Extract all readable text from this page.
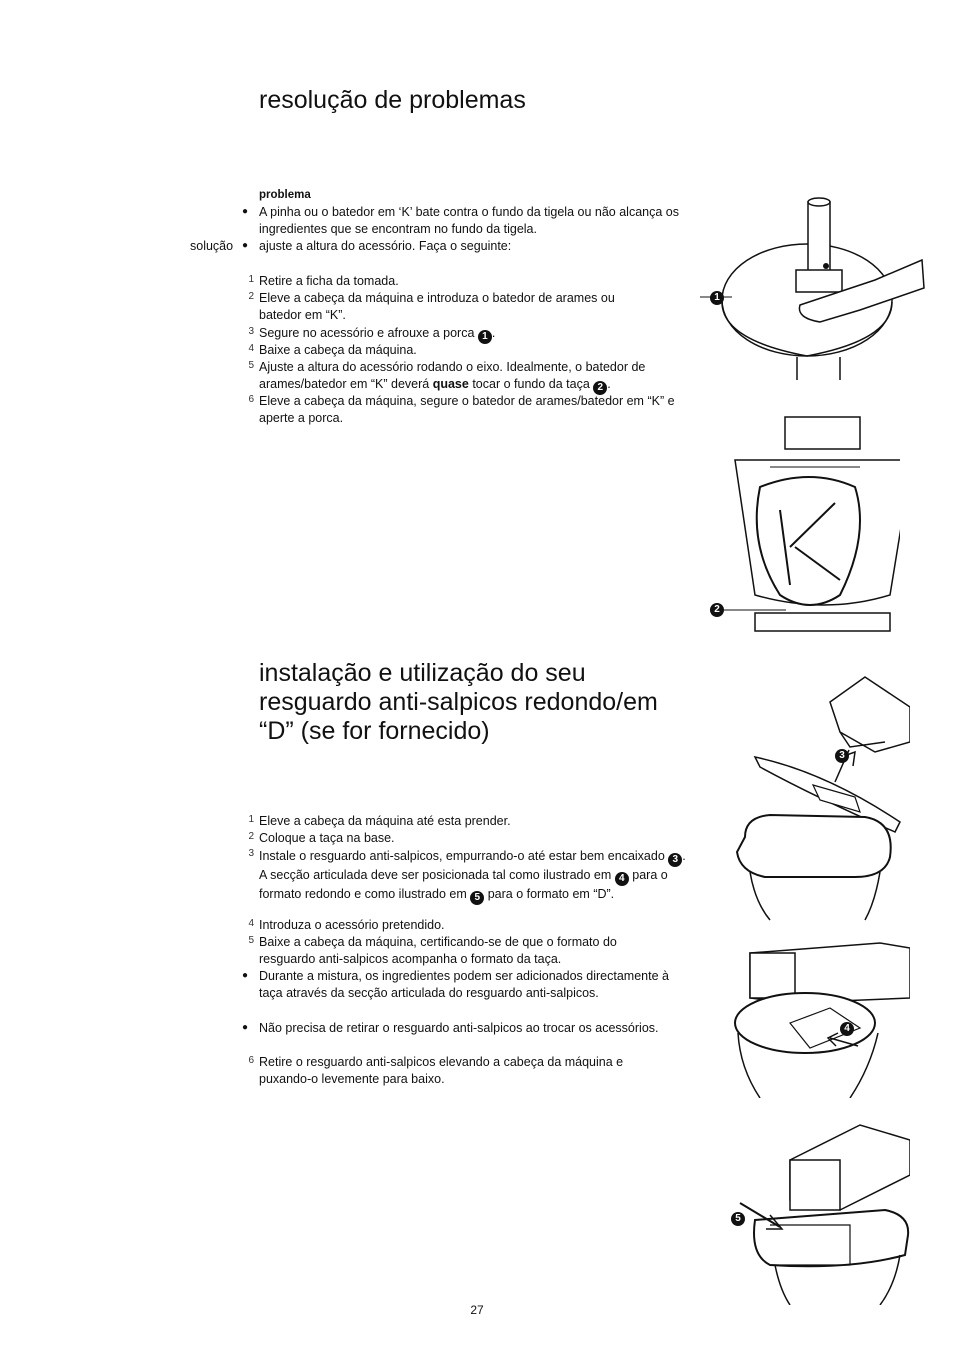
resolução de problemas
problema
● A pinha ou o batedor em ‘K’ bate contra o fundo da tigela ou não alcança os ingredientes que se encontram no fundo da tigela.
solução ● ajuste a altura do acessório. Faça o seguinte:
1 Retire a ficha da tomada.
2 Eleve a cabeça da máquina e introduza o batedor de arames ou batedor em “K”.
3 Segure no acessório e afrouxe a porca 1 .
4 Baixe a cabeça da máquina.
5 Ajuste a altura do acessório rodando o eixo. Idealmente, o batedor de arames/batedor em “K” deverá quase tocar o fundo da taça 2 .
6 Eleve a cabeça da máquina, segure o batedor de arames/batedor em “K” e aperte a porca.
1
2
instalação e utilização do seu
resguardo anti-salpicos redondo/em
“D” (se for fornecido)
1 Eleve a cabeça da máquina até esta prender.
2 Coloque a taça na base.
3 Instale o resguardo anti-salpicos, empurrando-o até estar bem encaixado 3 . A secção articulada deve ser posicionada tal como ilustrado em 4 para o formato redondo e como ilustrado em 5 para o formato em “D”.
4 Introduza o acessório pretendido.
5 Baixe a cabeça da máquina, certificando-se de que o formato do resguardo anti-salpicos acompanha o formato da taça.
● Durante a mistura, os ingredientes podem ser adicionados directamente à taça através da secção articulada do resguardo anti-salpicos.
● Não precisa de retirar o resguardo anti-salpicos ao trocar os acessórios.
6 Retire o resguardo anti-salpicos elevando a cabeça da máquina e puxando-o levemente para baixo.
3
4
5
27
